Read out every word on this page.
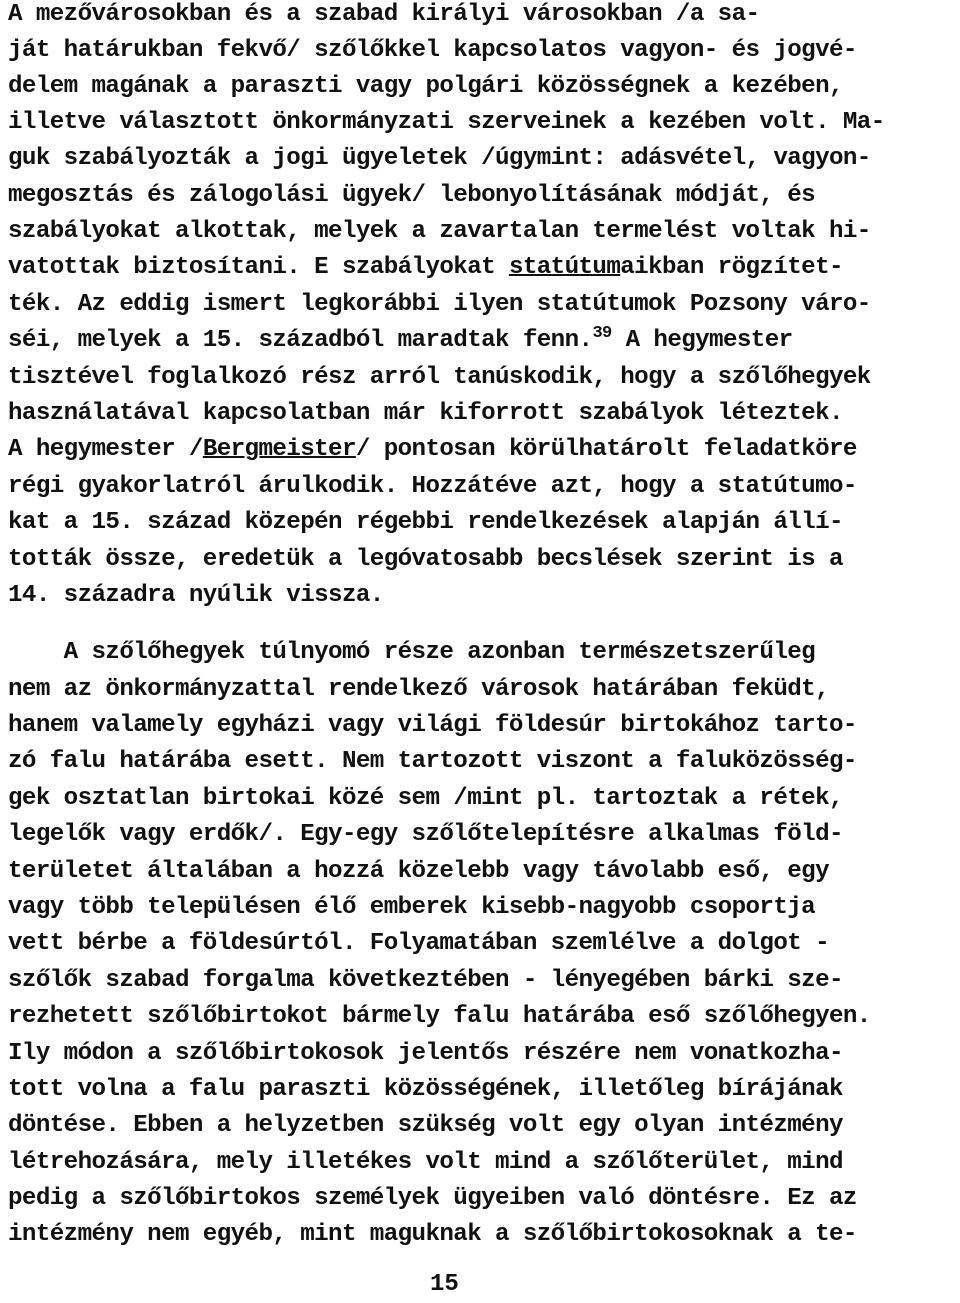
A mezővárosokban és a szabad királyi városokban /a sa-
ját határukban fekvő/ szőlőkkel kapcsolatos vagyon- és jogvé-
delem magának a paraszti vagy polgári közösségnek a kezében,
illetve választott önkormányzati szerveinek a kezében volt. Ma-
guk szabályozták a jogi ügyeletek /úgymint: adásvétel, vagyon-
megosztás és zálogolási ügyek/ lebonyolításának módját, és
szabályokat alkottak, melyek a zavartalan termelést voltak hi-
vatottak biztosítani. E szabályokat statútumaikban rögzítet-
ték. Az eddig ismert legkorábbi ilyen statútumok Pozsony váro-
séi, melyek a 15. századból maradtak fenn.$^{39}$ A hegymester
tisztével foglalkozó rész arról tanúskodik, hogy a szőlőhegyek
használatával kapcsolatban már kiforrott szabályok léteztek.
A hegymester /Bergmeister/ pontosan körülhatárolt feladatköre
régi gyakorlatról árulkodik. Hozzátéve azt, hogy a statútumo-
kat a 15. század közepén régebbi rendelkezések alapján állí-
tották össze, eredetük a legóvatosabb becslések szerint is a
14. századra nyúlik vissza.
A szőlőhegyek túlnyomó része azonban természetszerűleg
nem az önkormányzattal rendelkező városok határában feküdt,
hanem valamely egyházi vagy világi földesúr birtokához tarto-
zó falu határába esett. Nem tartozott viszont a faluközösség-
gek osztatlan birtokai közé sem /mint pl. tartoztak a rétek,
legelők vagy erdők/. Egy-egy szőlőtelepítésre alkalmas föld-
területet általában a hozzá közelebb vagy távolabb eső, egy
vagy több településen élő emberek kisebb-nagyobb csoportja
vett bérbe a földesúrtól. Folyamatában szemlélve a dolgot -
szőlők szabad forgalma következtében - lényegében bárki sze-
rezhetett szőlőbirtokot bármely falu határába eső szőlőhegyen.
Ily módon a szőlőbirtokosok jelentős részére nem vonatkozha-
tott volna a falu paraszti közösségének, illetőleg bírájának
döntése. Ebben a helyzetben szükség volt egy olyan intézmény
létrehozására, mely illetékes volt mind a szőlőterület, mind
pedig a szőlőbirtokos személyek ügyeiben való döntésre. Ez az
intézmény nem egyéb, mint maguknak a szőlőbirtokosoknak a te-
15
